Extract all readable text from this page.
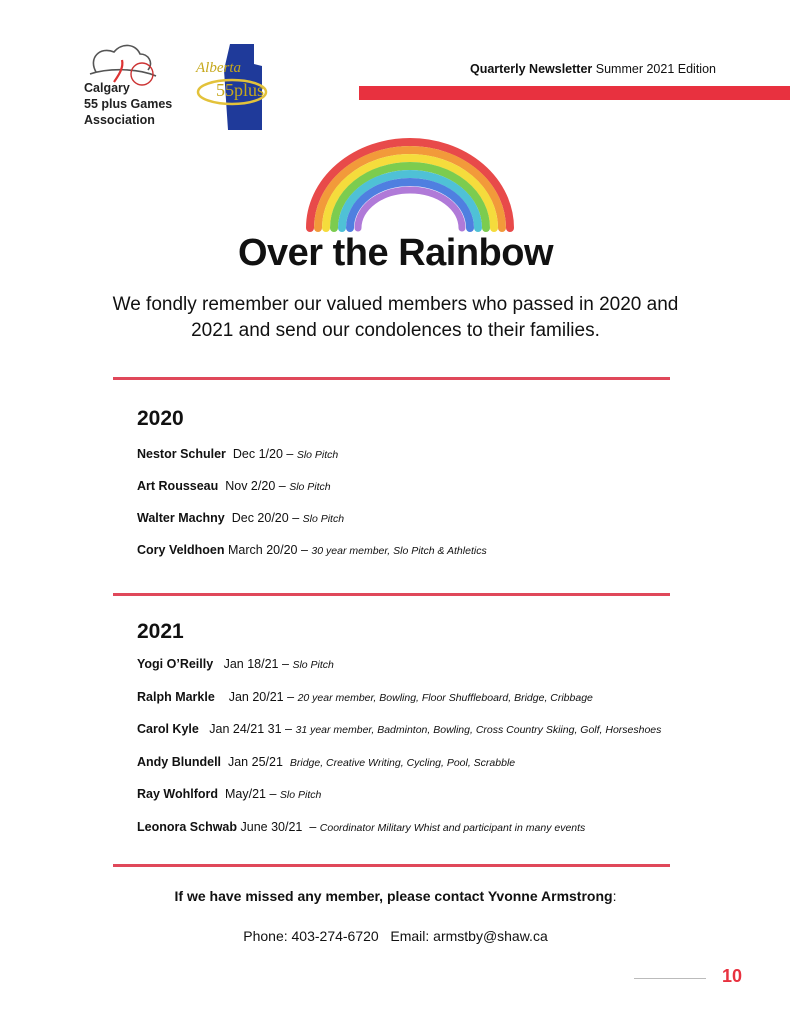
Calgary
55 plus Games
Association
Alberta
55plus
Quarterly Newsletter Summer 2021 Edition
Over the Rainbow
We fondly remember our valued members who passed in 2020 and 2021 and send our condolences to their families.
2020
Nestor Schuler Dec 1/20 – Slo Pitch
Art Rousseau Nov 2/20 – Slo Pitch
Walter Machny Dec 20/20 – Slo Pitch
Cory Veldhoen March 20/20 – 30 year member, Slo Pitch & Athletics
2021
Yogi O’Reilly Jan 18/21 – Slo Pitch
Ralph Markle Jan 20/21 – 20 year member, Bowling, Floor Shuffleboard, Bridge, Cribbage
Carol Kyle Jan 24/21 31 – 31 year member, Badminton, Bowling, Cross Country Skiing, Golf, Horseshoes
Andy Blundell Jan 25/21 Bridge, Creative Writing, Cycling, Pool, Scrabble
Ray Wohlford May/21 – Slo Pitch
Leonora Schwab June 30/21 – Coordinator Military Whist and participant in many events
If we have missed any member, please contact Yvonne Armstrong:
Phone: 403-274-6720   Email: armstby@shaw.ca
10
